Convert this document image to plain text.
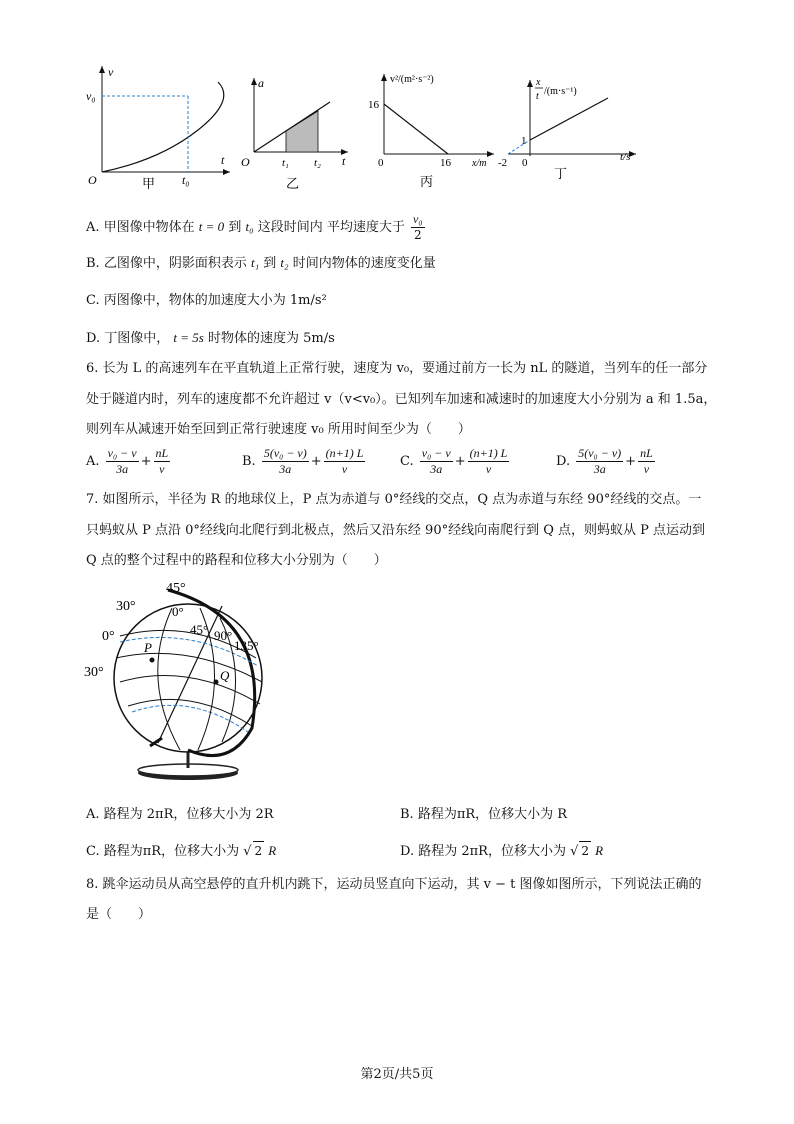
v
v₀
t
O	t₀
甲
a
t
O	t₁ t₂
乙
v²/(m²·s⁻²)
16
0	16 x/m
丙
x
t /(m·s⁻¹)
1
0
-2	t/s
丁
A. 甲图像中物体在 t = 0 到 t₀ 这段时间内 平均速度大于 $\frac{\text{v₀}}{2}$
B. 乙图像中，阴影面积表示 t₁ 到 t₂ 时间内物体的速度变化量
C. 丙图像中，物体的加速度大小为 1m/s²
D. 丁图像中， t = 5s 时物体的速度为 5m/s
6. 长为 L 的高速列车在平直轨道上正常行驶，速度为 v₀，要通过前方一长为 nL 的隧道，当列车的任一部分
处于隧道内时，列车的速度都不允许超过 v（v<v₀）。已知列车加速和减速时的加速度大小分别为 a 和 1.5a，
则列车从减速开始至回到正常行驶速度 v₀ 所用时间至少为（　　）
A. $\frac{\text{v₀ − v}}{3a} + \frac{nL}{v}$	B. $\frac{\text{5(v₀ − v)}}{3a} + \frac{(n+1) L}{v}$	C. $\frac{\text{v₀ − v}}{3a} + \frac{(n+1) L}{v}$	D. $\frac{\text{5(v₀ − v)}}{3a} + \frac{nL}{v}$
7. 如图所示，半径为 R 的地球仪上，P 点为赤道与 0°经线的交点，Q 点为赤道与东经 90°经线的交点。一
只蚂蚁从 P 点沿 0°经线向北爬行到北极点，然后又沿东经 90°经线向南爬行到 Q 点，则蚂蚁从 P 点运动到
Q 点的整个过程中的路程和位移大小分别为（　　）
45°
30°	0°
0°	45° 90°
135°
30°
P
Q
A. 路程为 2πR，位移大小为 2R	B. 路程为πR，位移大小为 R
C. 路程为πR，位移大小为 √ 2 R	D. 路程为 2πR，位移大小为 √ 2 R
8. 跳伞运动员从高空悬停的直升机内跳下，运动员竖直向下运动，其 v − t 图像如图所示，下列说法正确的
是（　　）
第2页/共5页
